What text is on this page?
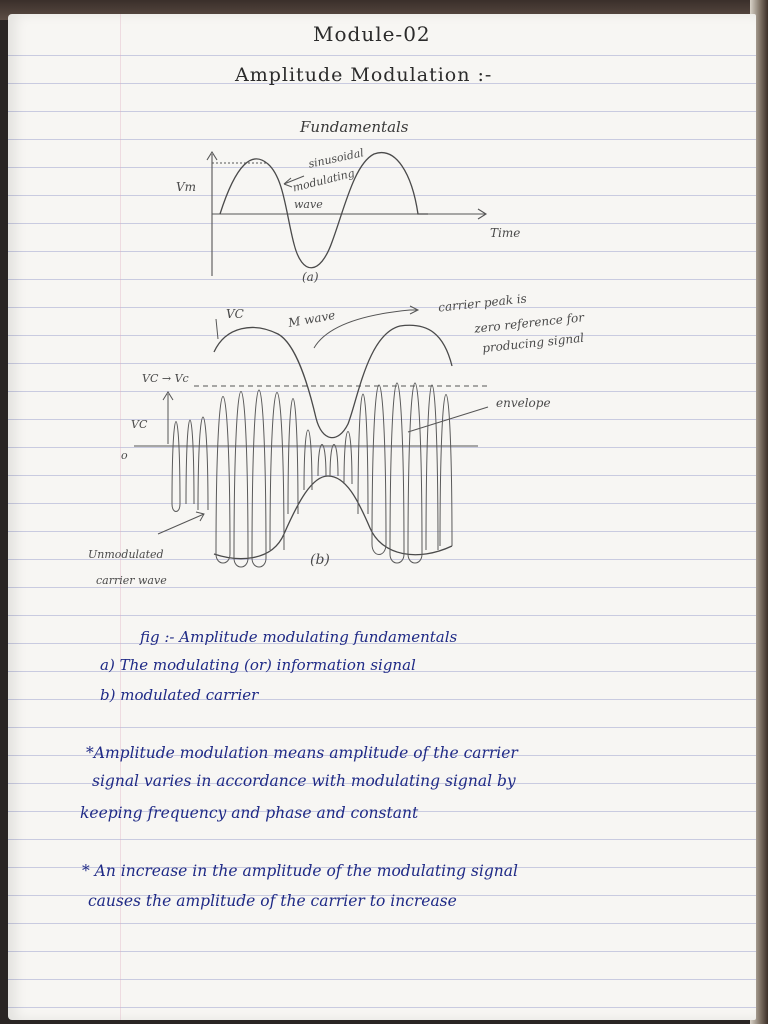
Module-02
Amplitude Modulation :-
Fundamentals
Vm
sinusoidal
modulating
wave
Time
(a)
VC	M wave
VC → Vc
VC
o
carrier peak is
zero reference for
producing signal
envelope
Unmodulated
carrier wave
(b)
fig :- Amplitude modulating fundamentals
a) The modulating (or) information signal
b) modulated carrier
*Amplitude modulation means amplitude of the carrier
signal varies in accordance with modulating signal by
keeping frequency and phase and constant
* An increase in the amplitude of the modulating signal
causes the amplitude of the carrier to increase
